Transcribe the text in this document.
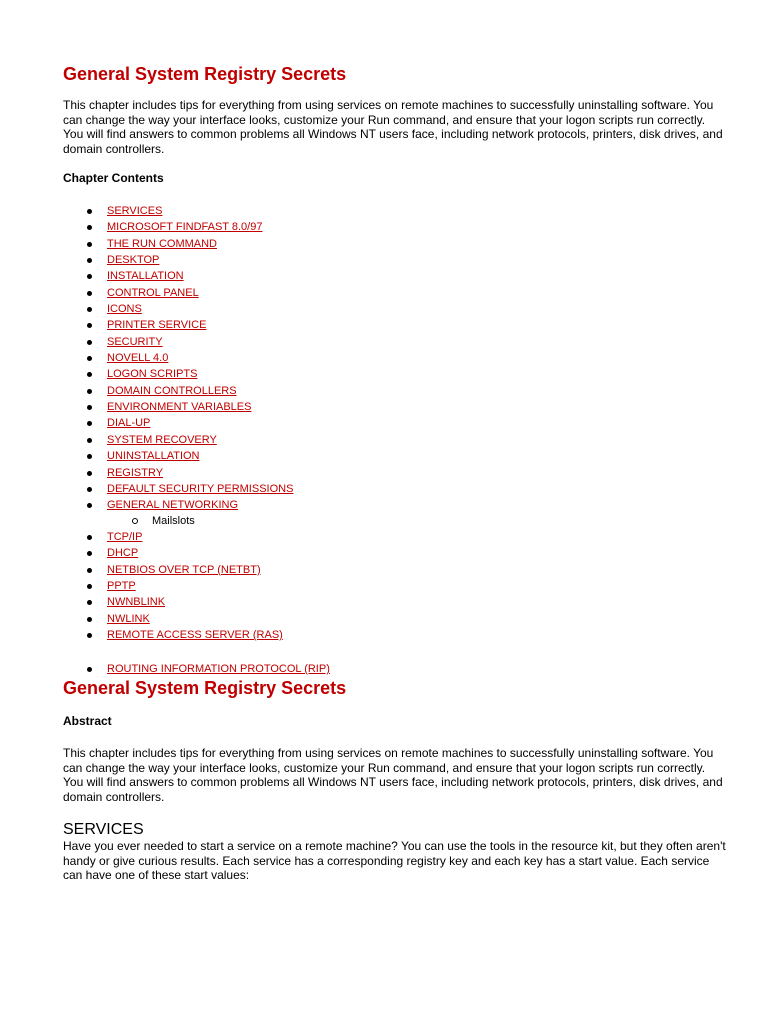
General System Registry Secrets

This chapter includes tips for everything from using services on remote machines to successfully uninstalling software. You can change the way your interface looks, customize your Run command, and ensure that your logon scripts run correctly. You will find answers to common problems all Windows NT users face, including network protocols, printers, disk drives, and domain controllers.

Chapter Contents
SERVICES
MICROSOFT FINDFAST 8.0/97
THE RUN COMMAND
DESKTOP
INSTALLATION
CONTROL PANEL
ICONS
PRINTER SERVICE
SECURITY
NOVELL 4.0
LOGON SCRIPTS
DOMAIN CONTROLLERS
ENVIRONMENT VARIABLES
DIAL-UP
SYSTEM RECOVERY
UNINSTALLATION
REGISTRY
DEFAULT SECURITY PERMISSIONS
GENERAL NETWORKING
Mailslots
TCP/IP
DHCP
NETBIOS OVER TCP (NETBT)
PPTP
NWNBLINK
NWLINK
REMOTE ACCESS SERVER (RAS)
ROUTING INFORMATION PROTOCOL (RIP)
General System Registry Secrets
Abstract

This chapter includes tips for everything from using services on remote machines to successfully uninstalling software. You can change the way your interface looks, customize your Run command, and ensure that your logon scripts run correctly. You will find answers to common problems all Windows NT users face, including network protocols, printers, disk drives, and domain controllers.

SERVICES

Have you ever needed to start a service on a remote machine? You can use the tools in the resource kit, but they often aren't handy or give curious results. Each service has a corresponding registry key and each key has a start value. Each service can have one of these start values:
